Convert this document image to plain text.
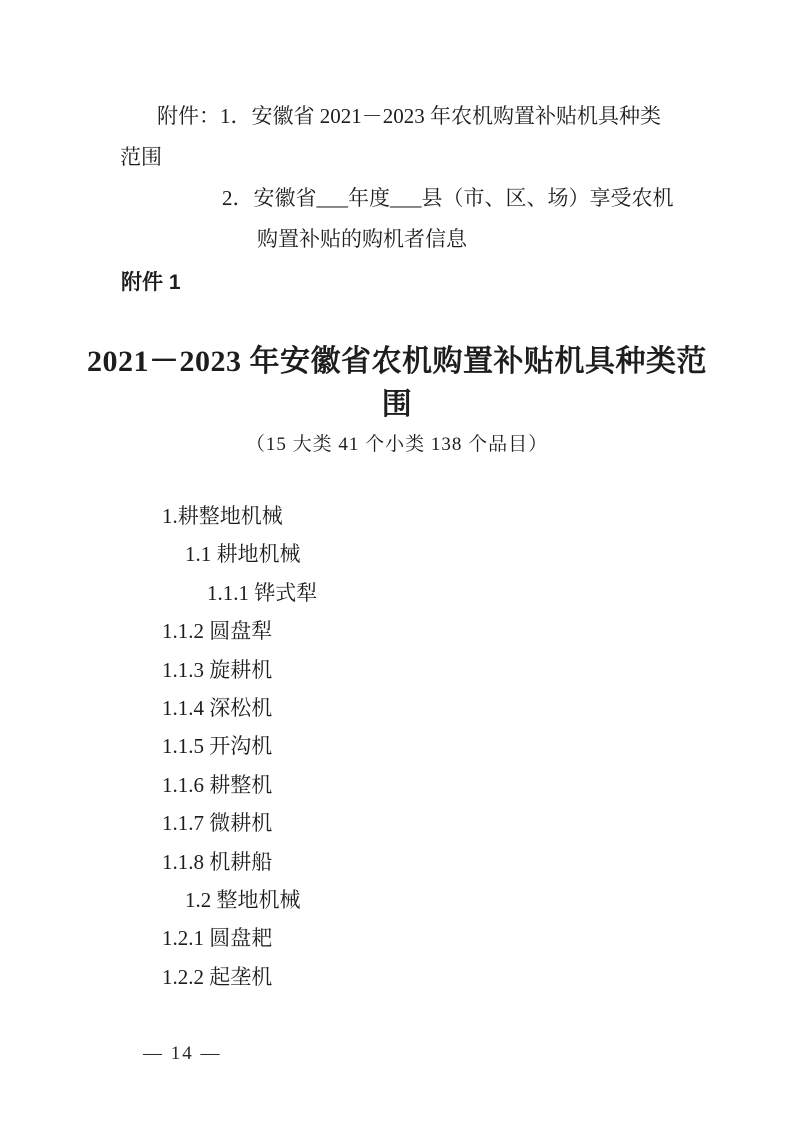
附件：1．安徽省 2021－2023 年农机购置补贴机具种类
范围
2．安徽省___年度___县（市、区、场）享受农机
购置补贴的购机者信息
附件 1
2021－2023 年安徽省农机购置补贴机具种类范
围
（15 大类 41 个小类 138 个品目）
1.耕整地机械
1.1 耕地机械
1.1.1 铧式犁
1.1.2 圆盘犁
1.1.3 旋耕机
1.1.4 深松机
1.1.5 开沟机
1.1.6 耕整机
1.1.7 微耕机
1.1.8 机耕船
1.2 整地机械
1.2.1 圆盘耙
1.2.2 起垄机
— 14 —
